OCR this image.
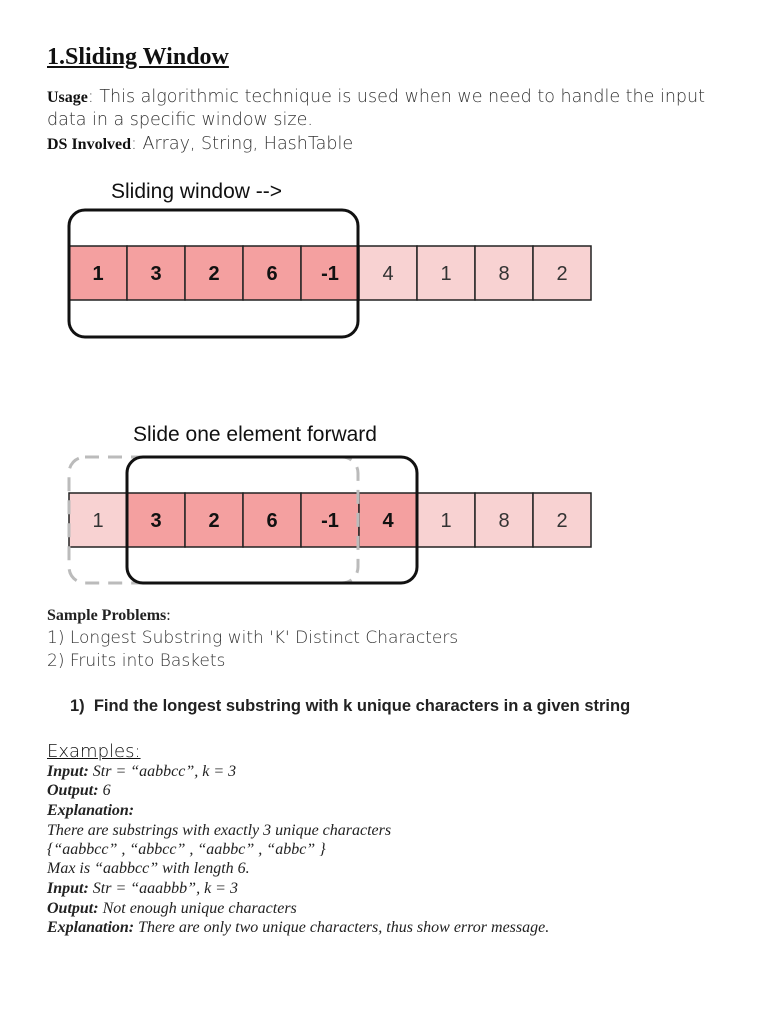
1.Sliding Window
Usage: This algorithmic technique is used when we need to handle the input data in a specific window size.
DS Involved: Array, String, HashTable
Sliding window -->
1 3 2 6 -1 4 1 8 2
Slide one element forward
1 3 2 6 -1 4 1 8 2
Sample Problems:
1) Longest Substring with 'K' Distinct Characters
2) Fruits into Baskets
1) Find the longest substring with k unique characters in a given string
Examples:
Input: Str = “aabbcc”, k = 3
Output: 6
Explanation:
There are substrings with exactly 3 unique characters
{“aabbcc” , “abbcc” , “aabbc” , “abbc” }
Max is “aabbcc” with length 6.
Input: Str = “aaabbb”, k = 3
Output: Not enough unique characters
Explanation: There are only two unique characters, thus show error message.
